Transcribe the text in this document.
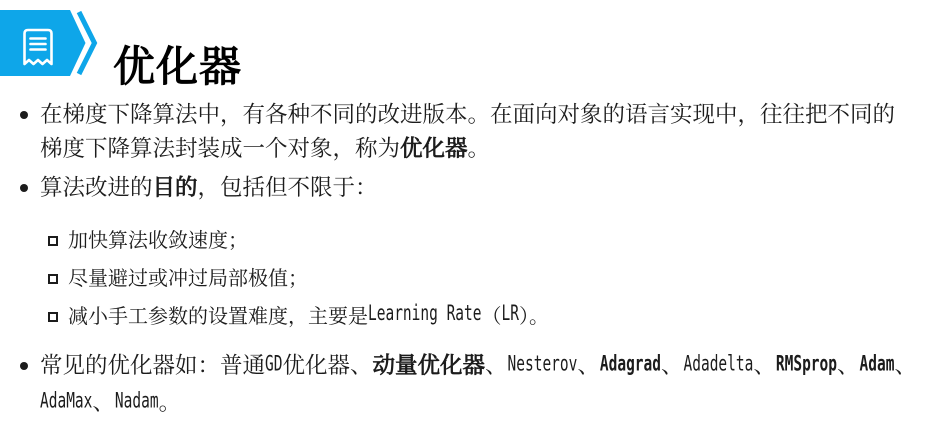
优化器
在梯度下降算法中，有各种不同的改进版本。在面向对象的语言实现中，往往把不同的梯度下降算法封装成一个对象，称为优化器。
算法改进的目的，包括但不限于：
加快算法收敛速度；
尽量避过或冲过局部极值；
减小手工参数的设置难度，主要是Learning Rate（LR）。
常见的优化器如：普通GD优化器、动量优化器、Nesterov、Adagrad、Adadelta、RMSprop、Adam、AdaMax、Nadam。
